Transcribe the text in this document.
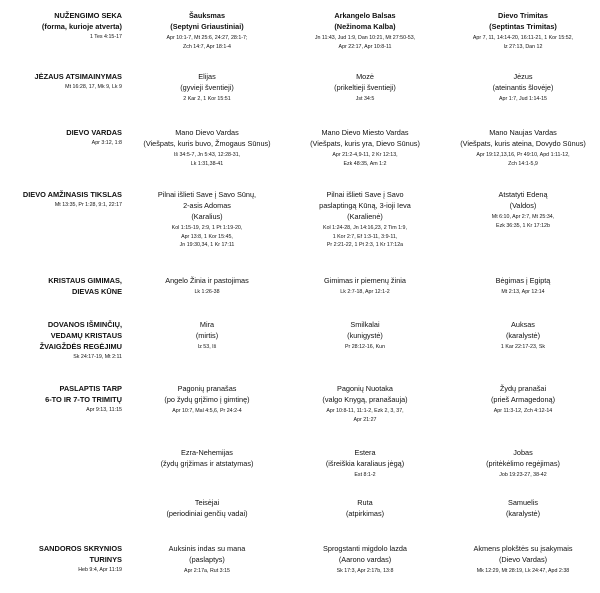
NUŽENGIMO SEKA
(forma, kurioje atverta)
1 Tes 4:15-17
Šauksmas
(Septyni Griaustiniai)
Apr 10:1-7, Mt 25:6, 24:27, 28:1-7;
Zch 14:7, Apr 18:1-4
Arkangelo Balsas
(Nežinoma Kalba)
Jn 11:43, Jud 1:9, Dan 10:21, Mt 27:50-53,
Apr 22:17, Apr 10:8-11
Dievo Trimitas
(Septintas Trimitas)
Apr 7, 11, 14:14-20, 16:11-21, 1 Kor 15:52,
Iz 27:13, Dan 12
JĖZAUS ATSIMAINYMAS
Mt 16:28, 17, Mk 9, Lk 9
Elijas
(gyvieji šventieji)
2 Kar 2, 1 Kor 15:51
Mozė
(prikeltieji šventieji)
Jst 34:5
Jėzus
(ateinantis šlovėje)
Apr 1:7, Jud 1:14-15
DIEVO VARDAS
Apr 3:12, 1:8
Mano Dievo Vardas
(Viešpats, kuris buvo, Žmogaus Sūnus)
Iš 34:5-7, Jn 5:43, 12:28-31,
Lk 1:31,38-41
Mano Dievo Miesto Vardas
(Viešpats, kuris yra, Dievo Sūnus)
Apr 21:2-4,9-11, 2 Kr 12:13,
Ezk 48:35, Am 1:2
Mano Naujas Vardas
(Viešpats, kuris ateina, Dovydo Sūnus)
Apr 19:12,13,16, Pr 49:10, Apd 1:11-12,
Zch 14:1-5,9
DIEVO AMŽINASIS TIKSLAS
Mt 13:35, Pr 1:28, 9:1, 22:17
Pilnai išlieti Save į Savo Sūnų,
2-asis Adomas
(Karalius)
Kol 1:15-19, 2:9, 1 Pt 1:19-20,
Apr 13:8, 1 Kor 15:45,
Jn 19:30,34, 1 Kr 17:11
Pilnai išlieti Save į Savo
paslaptingą Kūną, 3-ioji Ieva
(Karalienė)
Kol 1:24-28, Jn 14:16,23, 2 Tim 1:9,
1 Kor 2:7, Ef 1:3-11, 3:9-11,
Pr 2:21-22, 1 Pt 2:3, 1 Kr 17:12a
Atstatyti Edeną
(Valdos)
Mt 6:10, Apr 2:7, Mt 25:34,
Ezk 36:35, 1 Kr 17:12b
KRISTAUS GIMIMAS,
DIEVAS KŪNE
Angelo Žinia ir pastojimas
Lk 1:26-38
Gimimas ir piemenų žinia
Lk 2:7-18, Apr 12:1-2
Bėgimas į Egiptą
Mt 2:13, Apr 12:14
DOVANOS IŠMINČIŲ,
VEDAMŲ KRISTAUS
ŽVAIGŽDĖS REGĖJIMU
Sk 24:17-19, Mt 2:11
Mira
(mirtis)
Iz 53, Iš
Smilkalai
(kunigystė)
Pr 28:12-16, Kun
Auksas
(karalystė)
1 Kar 22:17-23, Sk
PASLAPTIS TARP
6-TO IR 7-TO TRIMITŲ
Apr 9:13, 11:15
Pagonių pranašas
(po žydų grįžimo į gimtinę)
Apr 10:7, Mal 4:5,6, Pr 24:2-4
Pagonių Nuotaka
(valgo Knygą, pranašauja)
Apr 10:8-11, 11:1-2, Ezk 2, 3, 37,
Apr 21:27
Žydų pranašai
(prieš Armagedoną)
Apr 11:3-12, Zch 4:12-14
Ezra-Nehemijas
(žydų grįžimas ir atstatymas)
Estera
(išreiškia karaliaus jėgą)
Est 8:1-2
Jobas
(pritėkėlimo regėjimas)
Job 19:23-27, 38-42
Teisėjai
(periodiniai genčių vadai)
Ruta
(atpirkimas)
Samuelis
(karalystė)
SANDOROS SKRYNIOS
TURINYS
Heb 9:4, Apr 11:19
Auksinis indas su mana
(paslaptys)
Apr 2:17a, Rut 3:15
Sprogstanti migdolo lazda
(Aarono vardas)
Sk 17:3, Apr 2:17b, 13:8
Akmens plokštės su įsakymais
(Dievo Vardas)
Mk 12:29, Mt 28:19, Lk 24:47, Apd 2:38
